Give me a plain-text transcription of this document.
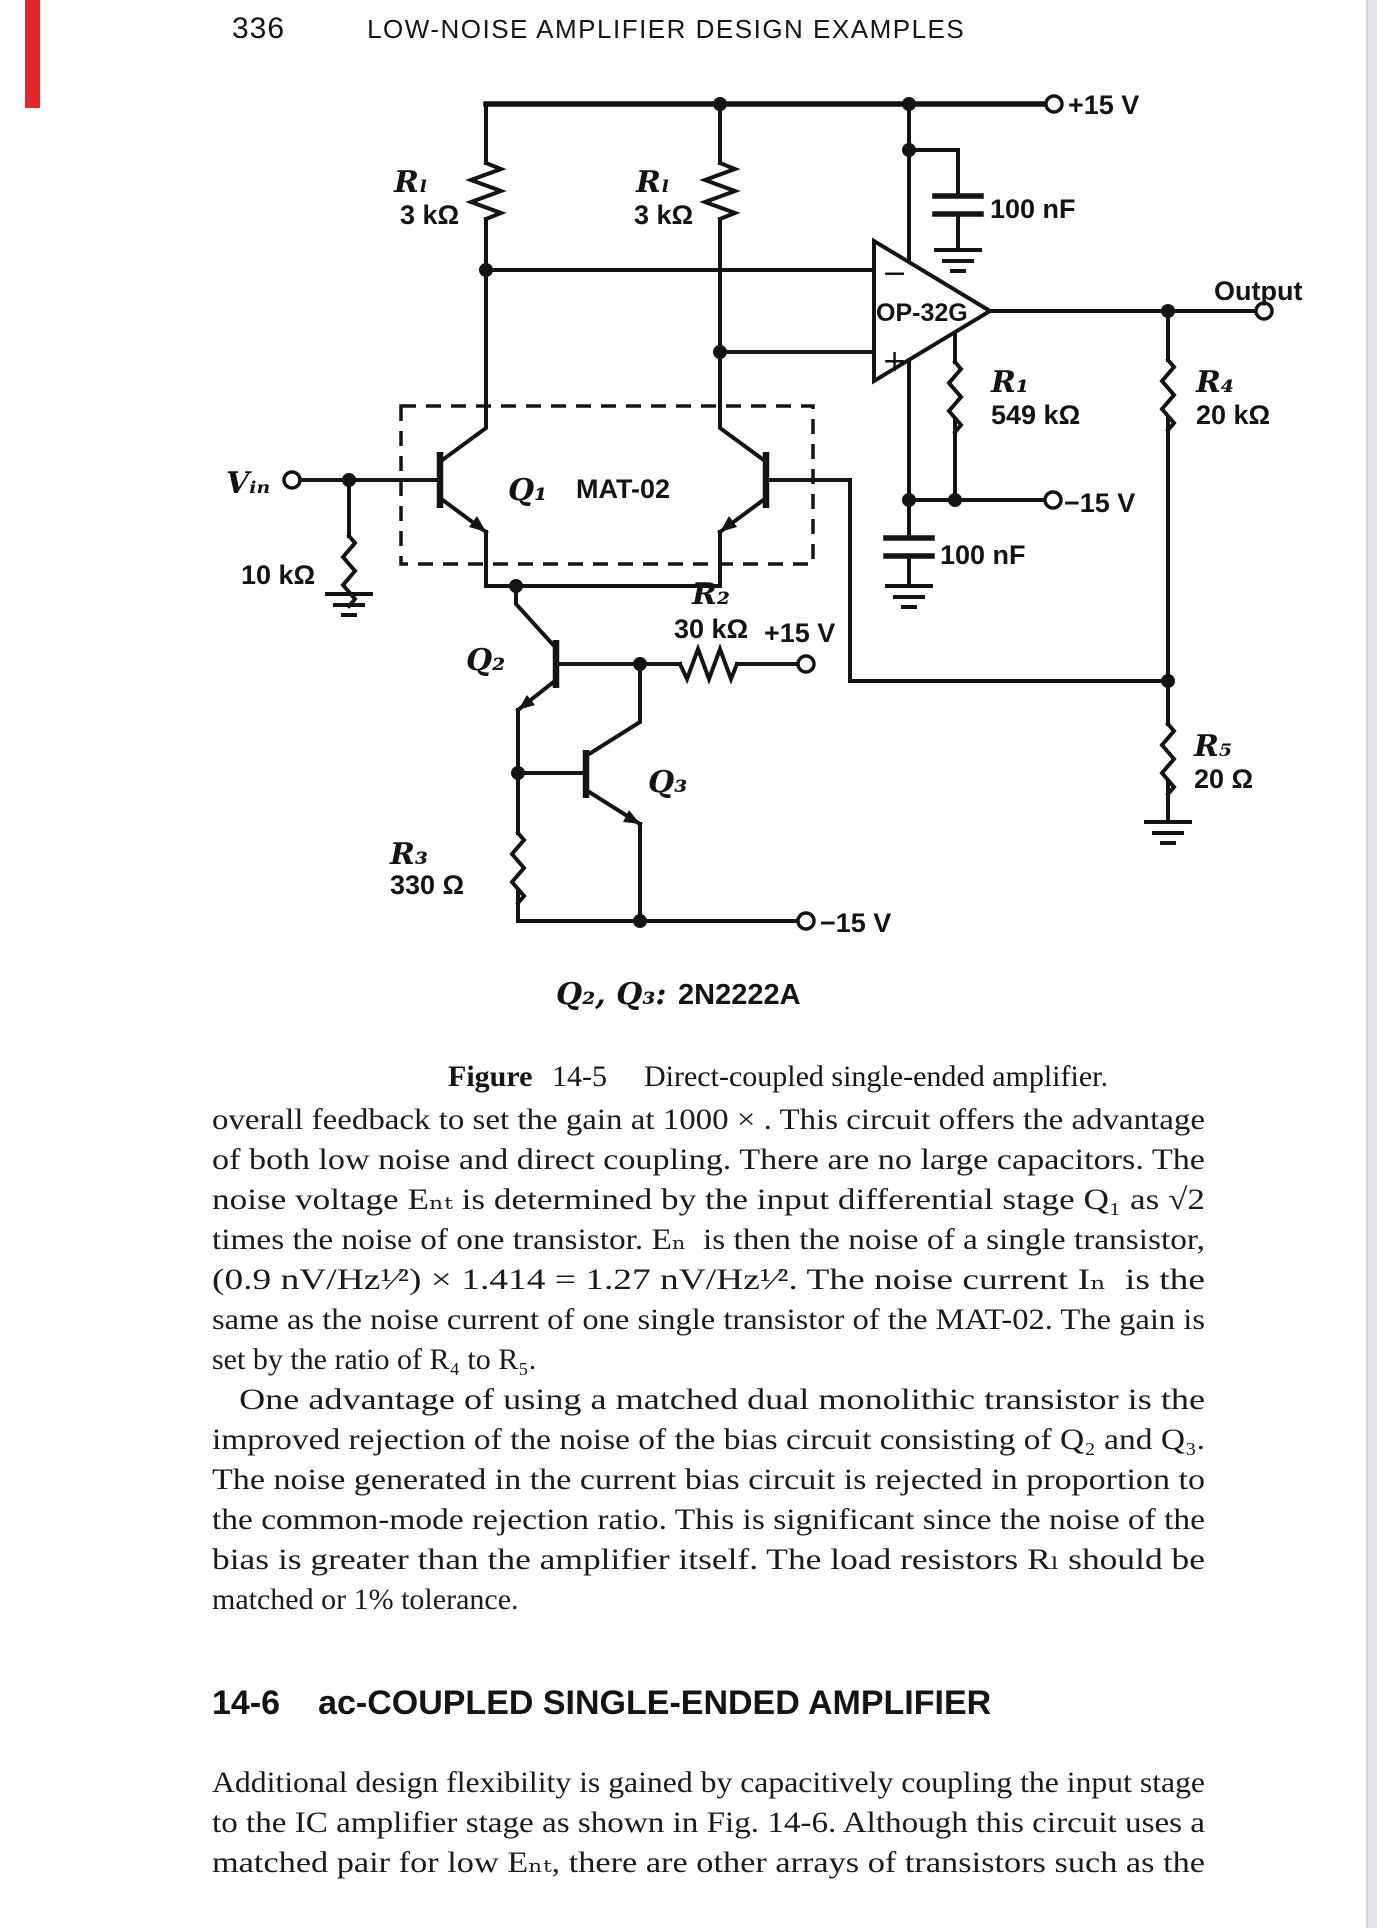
336	LOW-NOISE AMPLIFIER DESIGN EXAMPLES
−
+
OP-32G
+15 V
Rₗ
3 kΩ
Rₗ
3 kΩ	100 nF
Output
R₁
549 kΩ
R₄
20 kΩ
−15 V
100 nF
Vᵢₙ
10 kΩ
Q₁ MAT-02
R₂
30 kΩ +15 V
Q₂
Q₃
R₃
330 Ω
−15 V
R₅
20 Ω
Q₂, Q₃: 2N2222A
Figure 14-5 Direct-coupled single-ended amplifier.
overall feedback to set the gain at 1000 × . This circuit offers the advantage
of both low noise and direct coupling. There are no large capacitors. The
noise voltage Eₙₜ is determined by the input differential stage Q₁ as √2
times the noise of one transistor. Eₙ  is then the noise of a single transistor,
(0.9 nV/Hz¹⁄²) × 1.414 = 1.27 nV/Hz¹⁄². The noise current Iₙ  is the
same as the noise current of one single transistor of the MAT-02. The gain is
set by the ratio of R₄ to R₅.
One advantage of using a matched dual monolithic transistor is the
improved rejection of the noise of the bias circuit consisting of Q₂ and Q₃.
The noise generated in the current bias circuit is rejected in proportion to
the common-mode rejection ratio. This is significant since the noise of the
bias is greater than the amplifier itself. The load resistors Rₗ should be
matched or 1% tolerance.
14-6 ac-COUPLED SINGLE-ENDED AMPLIFIER
Additional design flexibility is gained by capacitively coupling the input stage
to the IC amplifier stage as shown in Fig. 14-6. Although this circuit uses a
matched pair for low Eₙₜ, there are other arrays of transistors such as the
